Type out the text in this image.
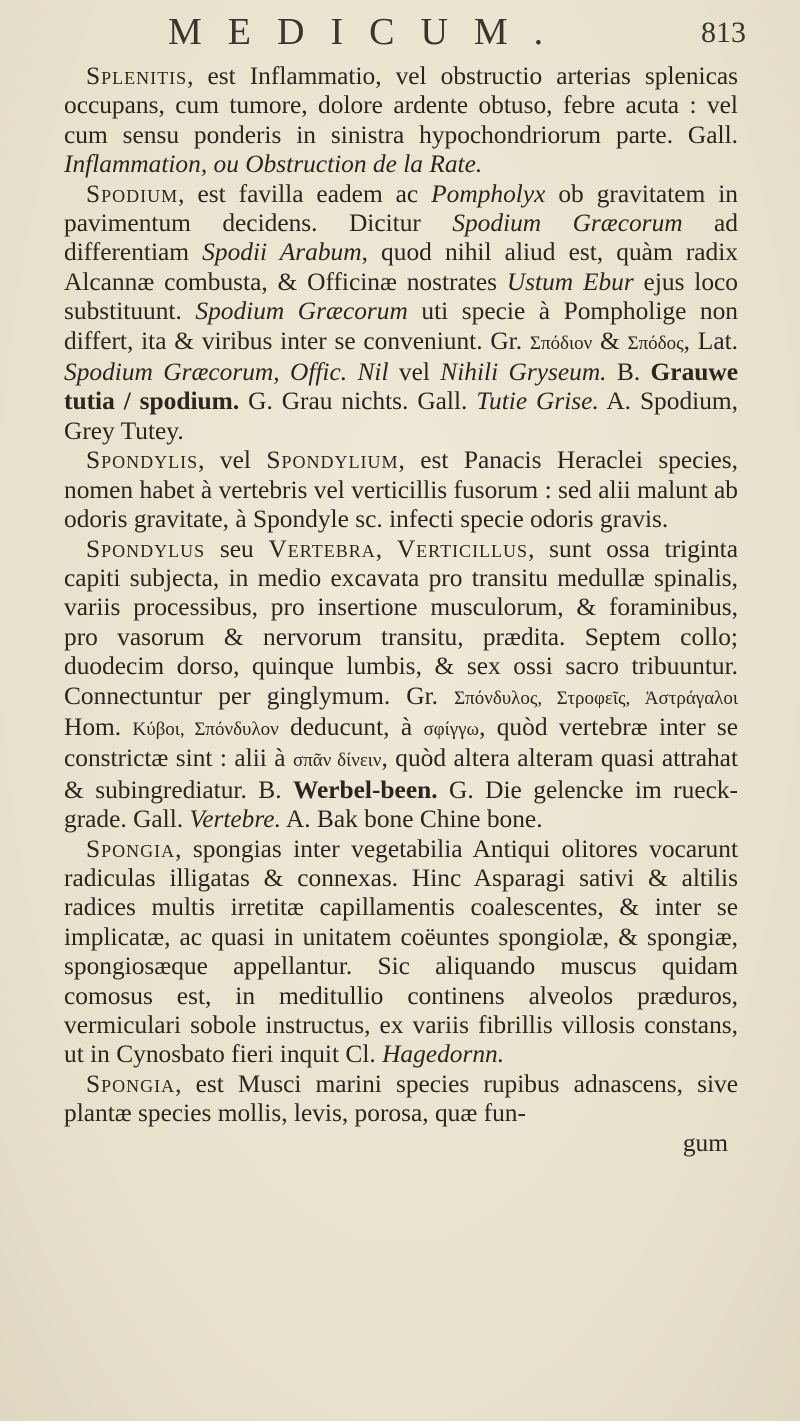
MEDICUM.	813

Splenitis, est Inflammatio, vel obstructio arterias splenicas occupans, cum tumore, dolore ardente obtuso, febre acuta : vel cum sensu ponderis in sinistra hypochondriorum parte. Gall. Inflammation, ou Obstruction de la Rate.

Spodium, est favilla eadem ac Pompholyx ob gravitatem in pavimentum decidens. Dicitur Spodium Græcorum ad differentiam Spodii Arabum, quod nihil aliud est, quàm radix Alcannæ combusta, & Officinæ nostrates Ustum Ebur ejus loco substituunt. Spodium Græcorum uti specie à Pompholige non differt, ita & viribus inter se conveniunt. Gr. Σπόδιον & Σπόδος, Lat. Spodium Græcorum, Offic. Nil vel Nihili Gryseum. B. Grauwe tutia / spodium. G. Grau nichts. Gall. Tutie Grise. A. Spodium, Grey Tutey.

Spondylis, vel Spondylium, est Panacis Heraclei species, nomen habet à vertebris vel verticillis fusorum : sed alii malunt ab odoris gravitate, à Spondyle sc. infecti specie odoris gravis.

Spondylus seu Vertebra, Verticillus, sunt ossa triginta capiti subjecta, in medio excavata pro transitu medullæ spinalis, variis processibus, pro insertione musculorum, & foraminibus, pro vasorum & nervorum transitu, prædita. Septem collo; duodecim dorso, quinque lumbis, & sex ossi sacro tribuuntur. Connectuntur per ginglymum. Gr. Σπόνδυλος, Στροφεῖς, Ἀστράγαλοι Hom. Κύβοι, Σπόνδυλον deducunt, à σφίγγω, quòd vertebræ inter se constrictæ sint : alii à σπᾶν δίνειν, quòd altera alteram quasi attrahat & subingrediatur. B. Werbel-been. G. Die gelencke im rueck-grade. Gall. Vertebre. A. Bak bone Chine bone.

Spongia, spongias inter vegetabilia Antiqui olitores vocarunt radiculas illigatas & connexas. Hinc Asparagi sativi & altilis radices multis irretitæ capillamentis coalescentes, & inter se implicatæ, ac quasi in unitatem coëuntes spongiolæ, & spongiæ, spongiosæque appellantur. Sic aliquando muscus quidam comosus est, in meditullio continens alveolos præduros, vermiculari sobole instructus, ex variis fibrillis villosis constans, ut in Cynosbato fieri inquit Cl. Hagedornn.

Spongia, est Musci marini species rupibus adnascens, sive plantæ species mollis, levis, porosa, quæ fun-

gum
